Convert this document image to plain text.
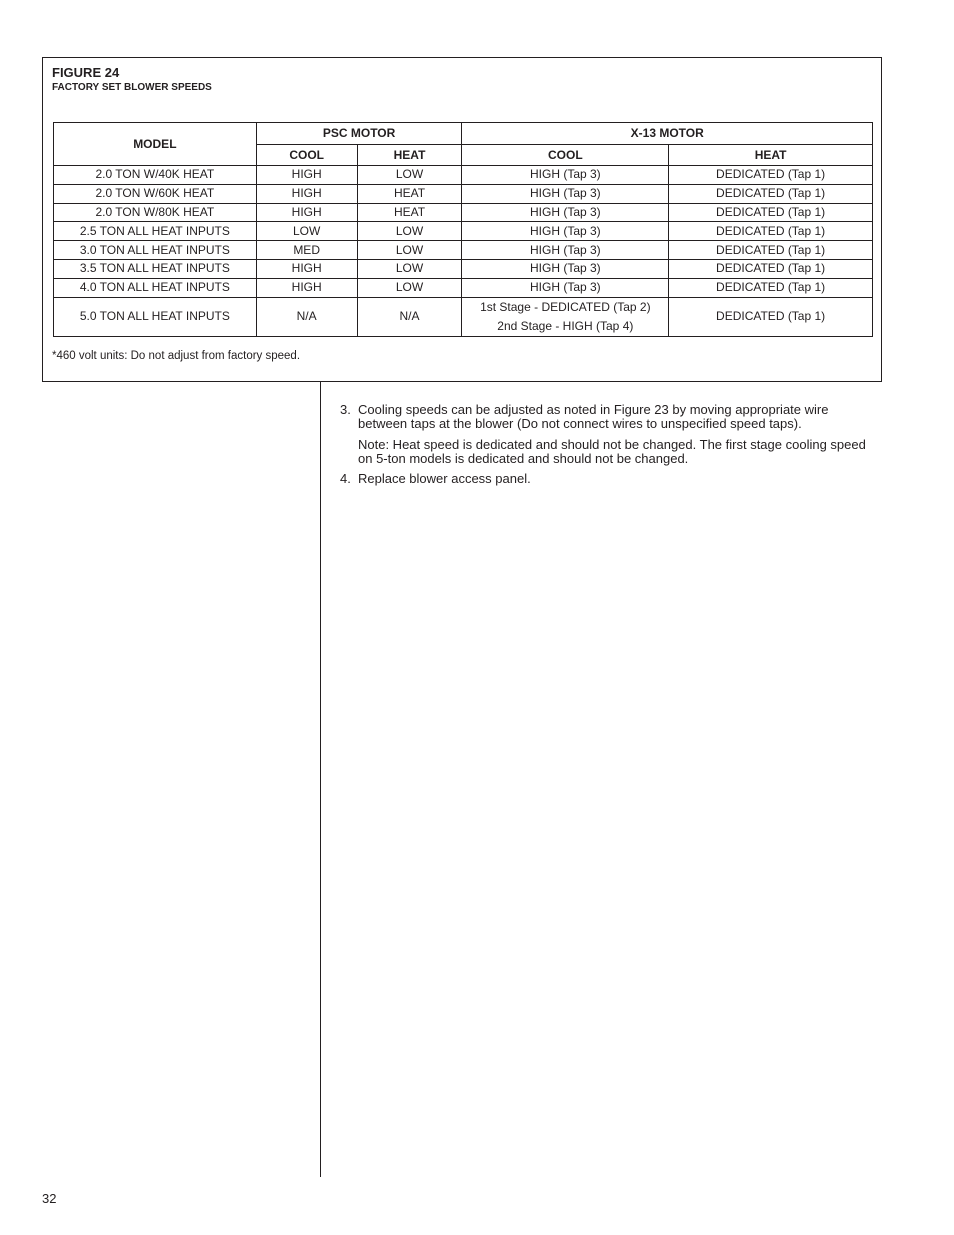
FIGURE 24
FACTORY SET BLOWER SPEEDS
MODEL	PSC MOTOR		X-13 MOTOR	
	COOL	HEAT	COOL	HEAT
2.0 TON W/40K HEAT	HIGH	LOW	HIGH (Tap 3)	DEDICATED (Tap 1)
2.0 TON W/60K HEAT	HIGH	HEAT	HIGH (Tap 3)	DEDICATED (Tap 1)
2.0 TON W/80K HEAT	HIGH	HEAT	HIGH (Tap 3)	DEDICATED (Tap 1)
2.5 TON ALL HEAT INPUTS	LOW	LOW	HIGH (Tap 3)	DEDICATED (Tap 1)
3.0 TON ALL HEAT INPUTS	MED	LOW	HIGH (Tap 3)	DEDICATED (Tap 1)
3.5 TON ALL HEAT INPUTS	HIGH	LOW	HIGH (Tap 3)	DEDICATED (Tap 1)
4.0 TON ALL HEAT INPUTS	HIGH	LOW	HIGH (Tap 3)	DEDICATED (Tap 1)
5.0 TON ALL HEAT INPUTS	N/A	N/A	1st Stage - DEDICATED (Tap 2)
2nd Stage - HIGH (Tap 4)	DEDICATED (Tap 1)
*460 volt units: Do not adjust from factory speed.
3. Cooling speeds can be adjusted as noted in Figure 23 by moving appropriate wire between taps at the blower (Do not connect wires to unspecified speed taps).
Note: Heat speed is dedicated and should not be changed. The first stage cooling speed on 5-ton models is dedicated and should not be changed.
4. Replace blower access panel.
32
